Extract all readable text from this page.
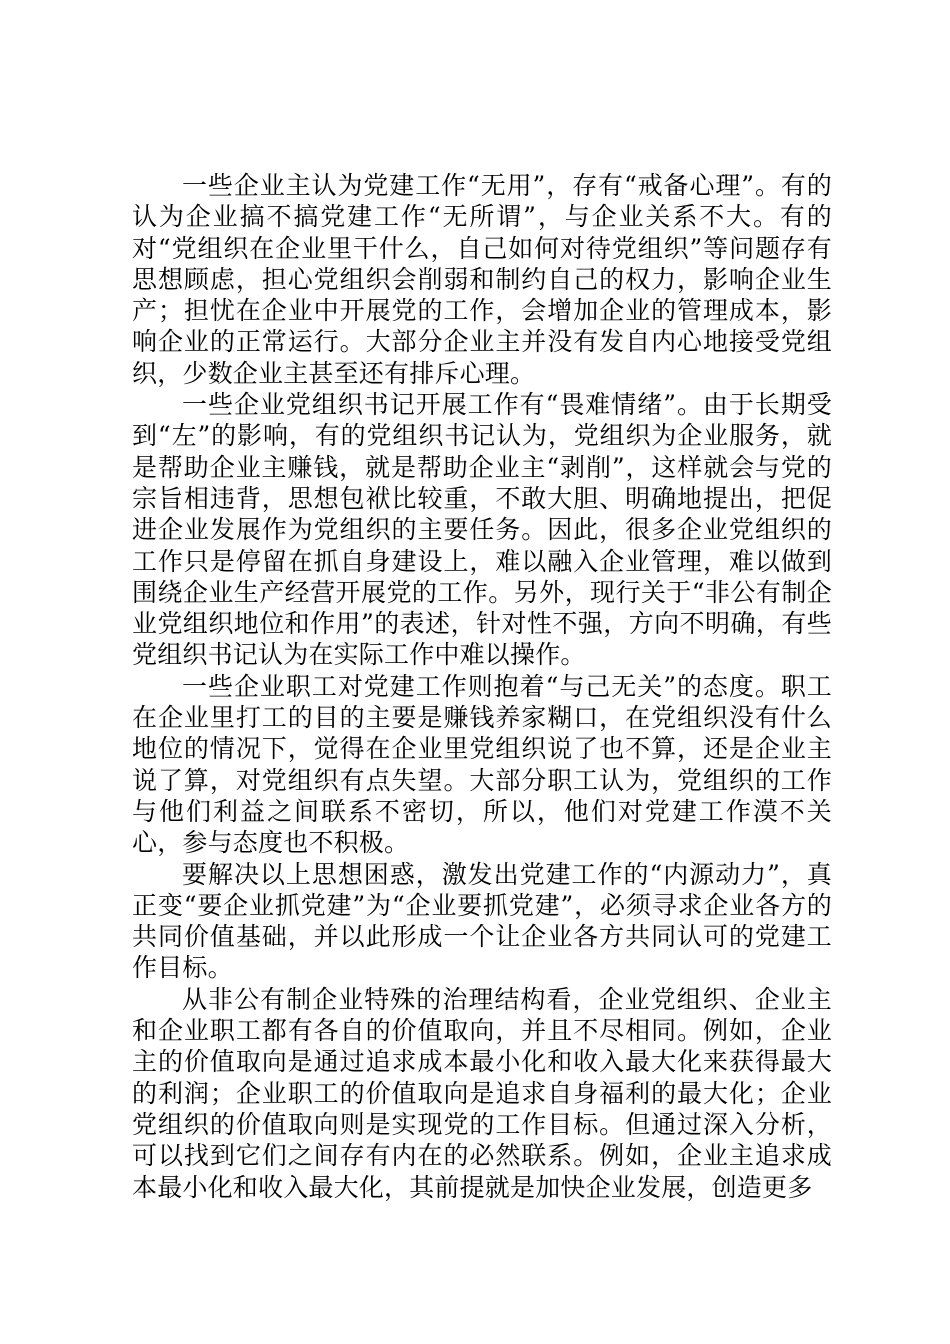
一些企业主认为党建工作“无用”，存有“戒备心理”。有的认为企业搞不搞党建工作“无所谓”，与企业关系不大。有的对“党组织在企业里干什么，自己如何对待党组织”等问题存有思想顾虑，担心党组织会削弱和制约自己的权力，影响企业生产；担忧在企业中开展党的工作，会增加企业的管理成本，影响企业的正常运行。大部分企业主并没有发自内心地接受党组织，少数企业主甚至还有排斥心理。

一些企业党组织书记开展工作有“畏难情绪”。由于长期受到“左”的影响，有的党组织书记认为，党组织为企业服务，就是帮助企业主赚钱，就是帮助企业主“剥削”，这样就会与党的宗旨相违背，思想包袱比较重，不敢大胆、明确地提出，把促进企业发展作为党组织的主要任务。因此，很多企业党组织的工作只是停留在抓自身建设上，难以融入企业管理，难以做到围绕企业生产经营开展党的工作。另外，现行关于“非公有制企业党组织地位和作用”的表述，针对性不强，方向不明确，有些党组织书记认为在实际工作中难以操作。

一些企业职工对党建工作则抱着“与己无关”的态度。职工在企业里打工的目的主要是赚钱养家糊口，在党组织没有什么地位的情况下，觉得在企业里党组织说了也不算，还是企业主说了算，对党组织有点失望。大部分职工认为，党组织的工作与他们利益之间联系不密切，所以，他们对党建工作漠不关心，参与态度也不积极。

要解决以上思想困惑，激发出党建工作的“内源动力”，真正变“要企业抓党建”为“企业要抓党建”，必须寻求企业各方的共同价值基础，并以此形成一个让企业各方共同认可的党建工作目标。

从非公有制企业特殊的治理结构看，企业党组织、企业主和企业职工都有各自的价值取向，并且不尽相同。例如，企业主的价值取向是通过追求成本最小化和收入最大化来获得最大的利润；企业职工的价值取向是追求自身福利的最大化；企业党组织的价值取向则是实现党的工作目标。但通过深入分析，可以找到它们之间存有内在的必然联系。例如，企业主追求成本最小化和收入最大化，其前提就是加快企业发展，创造更多
